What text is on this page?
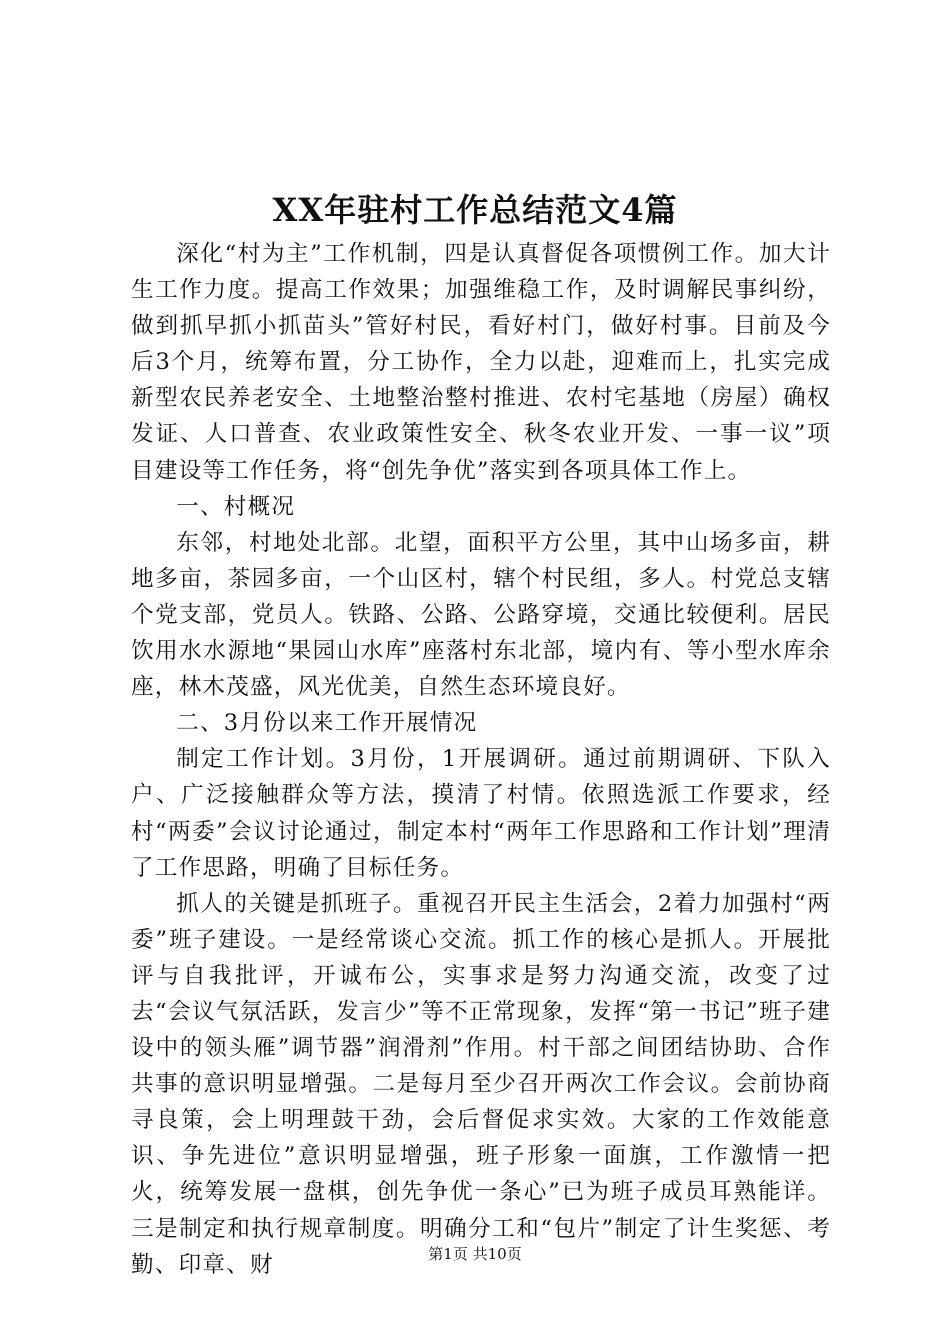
XX年驻村工作总结范文4篇

深化“村为主”工作机制，四是认真督促各项惯例工作。加大计生工作力度。提高工作效果；加强维稳工作，及时调解民事纠纷，做到抓早抓小抓苗头”管好村民，看好村门，做好村事。目前及今后3个月，统筹布置，分工协作，全力以赴，迎难而上，扎实完成新型农民养老安全、土地整治整村推进、农村宅基地（房屋）确权发证、人口普查、农业政策性安全、秋冬农业开发、一事一议”项目建设等工作任务，将“创先争优”落实到各项具体工作上。

一、村概况

东邻，村地处北部。北望，面积平方公里，其中山场多亩，耕地多亩，茶园多亩，一个山区村，辖个村民组，多人。村党总支辖个党支部，党员人。铁路、公路、公路穿境，交通比较便利。居民饮用水水源地“果园山水库”座落村东北部，境内有、等小型水库余座，林木茂盛，风光优美，自然生态环境良好。

二、3月份以来工作开展情况

制定工作计划。3月份，1开展调研。通过前期调研、下队入户、广泛接触群众等方法，摸清了村情。依照选派工作要求，经村“两委”会议讨论通过，制定本村“两年工作思路和工作计划”理清了工作思路，明确了目标任务。

抓人的关键是抓班子。重视召开民主生活会，2着力加强村“两委”班子建设。一是经常谈心交流。抓工作的核心是抓人。开展批评与自我批评，开诚布公，实事求是努力沟通交流，改变了过去“会议气氛活跃，发言少”等不正常现象，发挥“第一书记”班子建设中的领头雁”调节器”润滑剂”作用。村干部之间团结协助、合作共事的意识明显增强。二是每月至少召开两次工作会议。会前协商寻良策，会上明理鼓干劲，会后督促求实效。大家的工作效能意识、争先进位”意识明显增强，班子形象一面旗，工作激情一把火，统筹发展一盘棋，创先争优一条心”已为班子成员耳熟能详。三是制定和执行规章制度。明确分工和“包片”制定了计生奖惩、考勤、印章、财	第1页 共10页
